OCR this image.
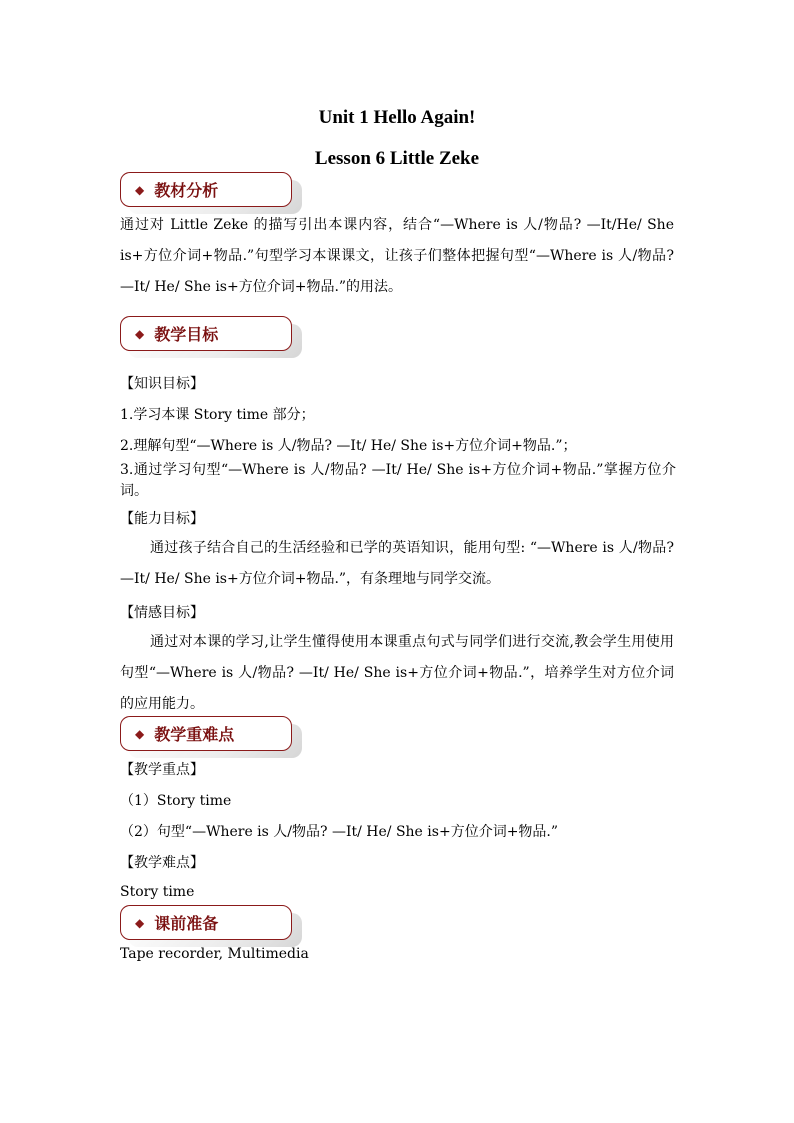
Unit 1 Hello Again!
Lesson 6 Little Zeke
◆ 教材分析
通过对 Little Zeke 的描写引出本课内容，结合“—Where is 人/物品? —It/He/ She is+方位介词+物品.”句型学习本课课文，让孩子们整体把握句型“—Where is 人/物品? —It/ He/ She is+方位介词+物品.”的用法。
◆ 教学目标
【知识目标】
1.学习本课 Story time 部分；
2.理解句型“—Where is 人/物品? —It/ He/ She is+方位介词+物品.”；
3.通过学习句型“—Where is 人/物品? —It/ He/ She is+方位介词+物品.”掌握方位介词。
【能力目标】
通过孩子结合自己的生活经验和已学的英语知识，能用句型: “—Where is 人/物品? —It/ He/ She is+方位介词+物品.”，有条理地与同学交流。
【情感目标】
通过对本课的学习,让学生懂得使用本课重点句式与同学们进行交流,教会学生用使用句型“—Where is 人/物品? —It/ He/ She is+方位介词+物品.”，培养学生对方位介词的应用能力。
◆ 教学重难点
【教学重点】
（1）Story time
（2）句型“—Where is 人/物品? —It/ He/ She is+方位介词+物品.”
【教学难点】
Story time
◆ 课前准备
Tape recorder, Multimedia
